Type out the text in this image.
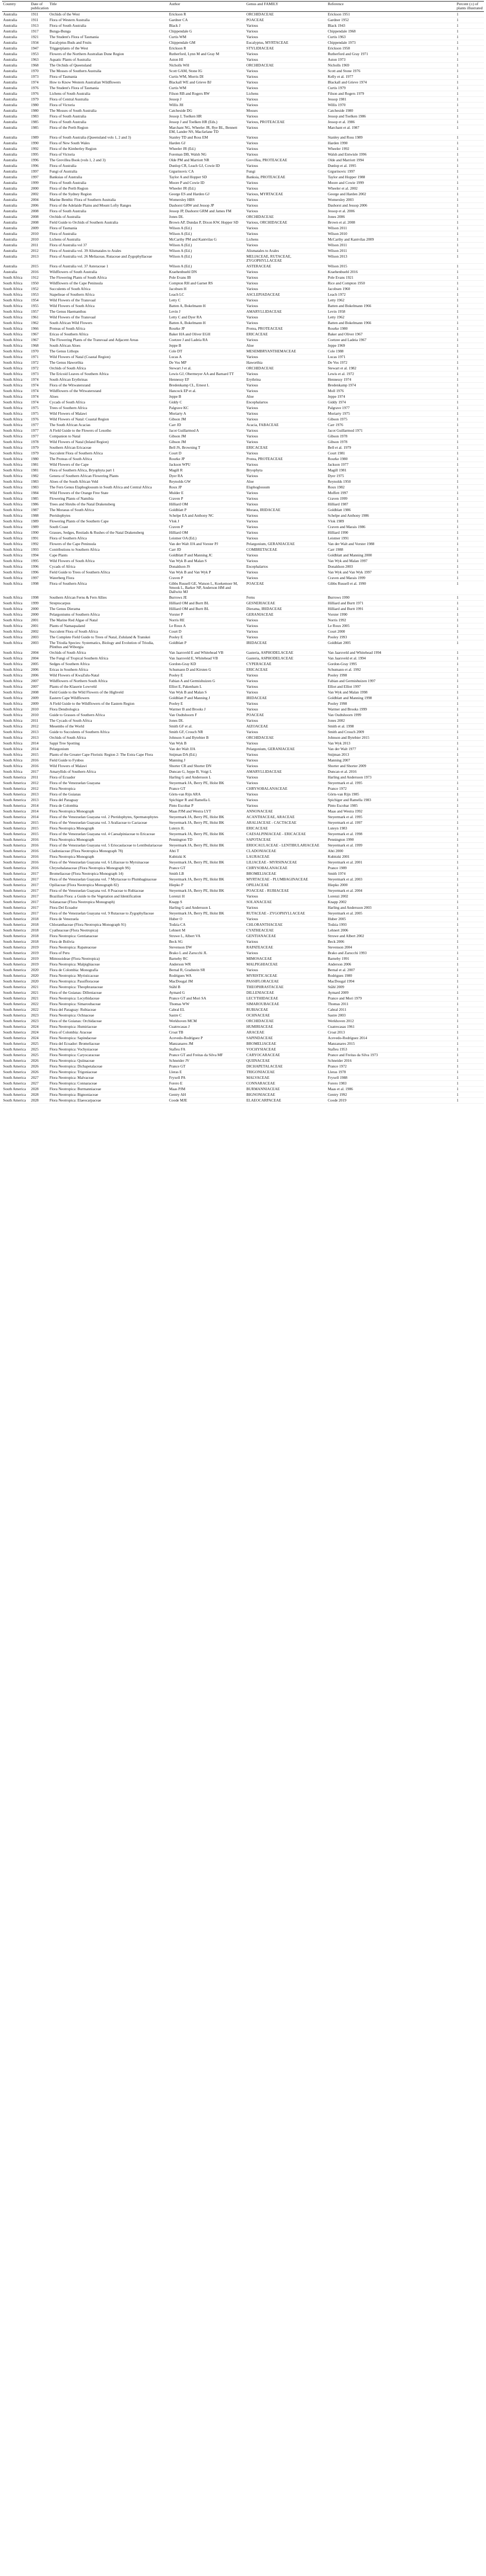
Country	Date of publication	Title	Author	Genus and FAMILY	Reference	Percent (±) of plants illustrated
Australia	1911	Orchids of the West	Erickson R	ORCHIDACEAE	Erickson 1951	1
Australia	1911	Flora of Western Australia	Gardner CA	POACEAE	Gardner 1952	1
Australia	1913	Flora of South Australia	Black J	Various	Black 1943	1
Australia	1917	Bunga-Bunga	Chippendale G	Various	Chippendale 1968	1
Australia	1921	The Student's Flora of Tasmania	Curtis WM	Various	Curtis 1963	1
Australia	1934	Eucalyptus Buds and Fruits	Chippendale GM	Eucalyptus, MYRTACEAE	Chippendale 1973	1
Australia	1947	Triggerplants of the West	Erickson R	STYLIDIACEAE	Erickson 1958	1
Australia	1953	Flowers of the Northern Australian Dune Region	Rutherford, Lynn M and Gray M	Various	Rutherford and Gray 1971	1
Australia	1963	Aquatic Plants of Australia	Aston HI	Various	Aston 1973	1
Australia	1968	The Orchids of Queensland	Nicholls WH	ORCHIDACEAE	Nicholls 1969	1
Australia	1970	The Mosses of Southern Australia	Scott GAM, Stone IG	Various	Scott and Stone 1976	1
Australia	1973	Flora of Tasmania	Curtis WM, Morris DI	Various	Kelly et al. 1977	1
Australia	1974	How to Know Western Australian Wildflowers	Blackall WE and Grieve BJ	Various	Blackall and Grieve 1974	1
Australia	1976	The Student's Flora of Tasmania	Curtis WM	Various	Curtis 1979	1
Australia	1976	Lichens of South Australia	Filson RB and Rogers RW	Lichens	Filson and Rogers 1979	1
Australia	1979	Flora of Central Australia	Jessop J	Various	Jessop 1981	1
Australia	1980	Flora of Victoria	Willis JH	Various	Willis 1970	1
Australia	1980	The Mosses of South Australia	Catcheside DG	Mosses	Catcheside 1980	1
Australia	1983	Flora of South Australia	Jessop J, Toelken HR	Various	Jessop and Toelken 1986	1
Australia	1985	Flora of South Australia	Jessop J and Toelken HR (Eds.)	Various, PROTEACEAE	Jessop et al. 1986	1
Australia	1985	Flora of the Perth Region	Marchant NG, Wheeler JR, Rye BL, Bennett EM, Lander NS, Macfarlane TD	Various	Marchant et al. 1987	1
Australia	1989	Flora of South Australia (Queensland vols 1, 2 and 3)	Stanley TD and Ross EM	Various	Stanley and Ross 1989	1
Australia	1990	Flora of New South Wales	Harden GJ	Various	Harden 1990	1
Australia	1992	Flora of the Kimberley Region	Wheeler JR (Ed.)	Various	Wheeler 1992	1
Australia	1995	Flora of Victoria	Foreman DB, Walsh NG	Various	Walsh and Entwisle 1996	1
Australia	1996	The Grevillea Book (vols 1, 2 and 3)	Olde PM and Marriott NR	Grevillea, PROTEACEAE	Olde and Marriott 1994	1
Australia	1996	Flora of Australia	Dunlop CR, Leach GJ, Cowie ID	Various	Dunlop et al. 1995	1
Australia	1997	Fungi of Australia	Grgurinovic CA	Fungi	Grgurinovic 1997	1
Australia	1997	Banksias of Australia	Taylor A and Hopper SD	Banksia, PROTEACEAE	Taylor and Hopper 1988	1
Australia	1999	Flora of South Australia	Moore P and Cowie ID	Various	Moore and Cowie 1999	1
Australia	2000	Flora of the Perth Region	Wheeler JR (Ed.)	Various	Wheeler et al. 2002	1
Australia	2002	Flora of the Sydney Region	George ES and Harden GJ	Various, MYRTACEAE	George and Harden 2002	1
Australia	2004	Marine Benthic Flora of Southern Australia	Womersley HBS	Various	Womersley 2003	1
Australia	2006	Flora of the Adelaide Plains and Mount Lofty Ranges	Dashorst GRW and Jessop JP	Various	Dashorst and Jessop 2006	1
Australia	2008	Flora of South Australia	Jessop JP, Dashorst GRM and James FM	Various	Jessop et al. 2006	1
Australia	2008	Orchids of Australia	Jones DL	ORCHIDACEAE	Jones 2006	1
Australia	2008	Field Guide to Orchids of Southern Australia	Brown AP, Dundas P, Dixon KW, Hopper SD	Various, ORCHIDACEAE	Brown et al. 2008	1
Australia	2009	Flora of Tasmania	Wilson A (Ed.)	Various	Wilson 2011	1
Australia	2010	Flora of Australia	Wilson A (Ed.)	Various	Wilson 2010	1
Australia	2010	Lichens of Australia	McCarthy PM and Kantvilas G	Lichens	McCarthy and Kantvilas 2009	1
Australia	2011	Flora of Australia vol 37	Wilson A (Ed.)	Various	Wilson 2011	1
Australia	2012	Flora of Australia vol. 39 Alismatales to Arales	Wilson A (Ed.)	Alismatales to Arales	Wilson 2011	1
Australia	2013	Flora of Australia vol. 26 Meliaceae, Rutaceae and Zygophyllaceae	Wilson A (Ed.)	MELIACEAE, RUTACEAE, ZYGOPHYLLACEAE	Wilson 2013	1
Australia	2015	Flora of Australia vol. 37 Asteraceae 1	Wilson A (Ed.)	ASTERACEAE	Wilson 2015	1
Australia	2016	Wildflowers of South Australia	Kraehenbuehl DN	Various	Kraehenbuehl 2016	1
South Africa	1912	The Flowering Plants of South Africa	Pole Evans IB	Various	Pole Evans 1921	1
South Africa	1950	Wildflowers of the Cape Peninsula	Compton RH and Garnet RS	Various	Rice and Compton 1950	1
South Africa	1952	Succulents of South Africa	Jacobsen H	Various	Jacobsen 1960	1
South Africa	1953	Stapelieae of Southern Africa	Leach LC	ASCLEPIADACEAE	Leach 1972	1
South Africa	1954	Wild Flowers of the Transvaal	Letty C	Various	Letty 1962	1
South Africa	1955	Wild Flowers of South Africa	Batten A, Bokelmann H	Various	Batten and Bokelmann 1966	1
South Africa	1957	The Genus Haemanthus	Levin J	AMARYLLIDACEAE	Levin 1958	1
South Africa	1961	Wild Flowers of the Transvaal	Letty C and Dyer RA	Various	Letty 1962	1
South Africa	1962	South African Wild Flowers	Batten A, Bokelmann H	Various	Batten and Bokelmann 1966	1
South Africa	1966	Proteas of South Africa	Rourke JP	Protea, PROTEACEAE	Rourke 1980	1
South Africa	1967	Ericas of Southern Africa	Baker HA and Oliver EGH	ERICACEAE	Baker and Oliver 1967	1
South Africa	1967	The Flowering Plants of the Transvaal and Adjacent Areas	Coetzee J and Ladeia RA	Various	Coetzee and Ladeia 1967	1
South Africa	1968	South African Aloes	Jeppe B	Aloe	Jeppe 1969	1
South Africa	1970	The Genus Lithops	Cole DT	MESEMBRYANTHEMACEAE	Cole 1988	1
South Africa	1971	Wild Flowers of Natal (Coastal Region)	Lucas A	Various	Lucas 1971	1
South Africa	1972	The Genus Haworthia	De Vos MP	Haworthia	De Vos 1972	1
South Africa	1972	Orchids of South Africa	Stewart J et al.	ORCHIDACEAE	Stewart et al. 1982	1
South Africa	1973	The Ericoid Leaves of Southern Africa	Lewis GJ, Obermeyer AA and Barnard TT	Various	Lewis et al. 1972	1
South Africa	1974	South African Erythrinas	Hennessy EF	Erythrina	Hennessy 1974	1
South Africa	1974	Flora of the Witwatersrand	Bredenkamp CL, Ernest L	Various	Bredenkamp 1974	1
South Africa	1974	Wildflowers of the Witwatersrand	Hancock EP et al.	Various	Moll 1976	1
South Africa	1974	Aloes	Jeppe B	Aloe	Jeppe 1974	1
South Africa	1974	Cycads of South Africa	Giddy C	Encephalartos	Giddy 1974	1
South Africa	1975	Trees of Southern Africa	Palgrave KC	Various	Palgrave 1977	1
South Africa	1975	Wild Flowers of Malawi	Moriarty A	Various	Moriarty 1975	1
South Africa	1976	Wild Flowers of Natal: Coastal Region	Gibson JM	Various	Gibson 1975	1
South Africa	1977	The South African Acacias	Carr JD	Acacia, FABACEAE	Carr 1976	1
South Africa	1977	A Field Guide to the Flowers of Lesotho	Jacot Guillarmod A	Various	Jacot Guillarmod 1971	1
South Africa	1977	Companion to Natal	Gibson JM	Various	Gibson 1978	1
South Africa	1978	Wild Flowers of Natal (Inland Region)	Gibson JM	Various	Gibson 1978	1
South Africa	1979	Southern African Ericaceae	Bell JS, Browning T	ERICACEAE	Bell et al. 1979	1
South Africa	1979	Succulent Flora of Southern Africa	Court D	Various	Court 1981	1
South Africa	1980	The Proteas of South Africa	Rourke JP	Protea, PROTEACEAE	Rourke 1980	1
South Africa	1981	Wild Flowers of the Cape	Jackson WPU	Various	Jackson 1977	1
South Africa	1981	Flora of Southern Africa, Bryophyta part 1	Magill R	Bryophyta	Magill 1981	1
South Africa	1982	Genera of Southern African Flowering Plants	Dyer RA	Various	Dyer 1975	1
South Africa	1983	Aloes of the South African Veld	Reynolds GW	Aloe	Reynolds 1950	1
South Africa	1983	The Fern Genus Elaphoglossum in South Africa and Central Africa	Roux JP	Elaphoglossum	Roux 1982	1
South Africa	1984	Wild Flowers of the Orange Free State	Mulder E	Various	Moffett 1997	1
South Africa	1985	Flowering Plants of Namibia	Craven P	Various	Craven 1999	1
South Africa	1986	Trees and Shrubs of the Natal Drakensberg	Hilliard OM	Various	Hilliard 1987	1
South Africa	1987	The Moraeas of South Africa	Goldblatt P	Moraea, IRIDACEAE	Goldblatt 1986	1
South Africa	1988	Pteridophytes	Schelpe EA and Anthony NC	Various	Schelpe and Anthony 1986	1
South Africa	1989	Flowering Plants of the Southern Cape	Vlok J	Various	Vlok 1989	1
South Africa	1989	South Coast	Craven P	Various	Craven and Marais 1986	1
South Africa	1990	Grasses, Sedges, Restiads & Rushes of the Natal Drakensberg	Hilliard OM	Various	Hilliard 1990	1
South Africa	1991	Flora of Southern Africa	Leistner OA (Ed.)	Various	Leistner 1991	1
South Africa	1992	Flowers of the Cape Peninsula	Van der Walt JJA and Vorster PJ	Pelargonium, GERANIACEAE	Van der Walt and Vorster 1988	1
South Africa	1993	Contributions to Southern Africa	Carr JD	COMBRETACEAE	Carr 1988	1
South Africa	1994	Cape Plants	Goldblatt P and Manning JC	Various	Goldblatt and Manning 2000	1
South Africa	1995	Wild Flowers of South Africa	Van Wyk B and Malan S	Various	Van Wyk and Malan 1997	1
South Africa	1996	Cycads of Africa	Donaldson JS	Encephalartos	Donaldson 2003	1
South Africa	1996	Field Guide to Trees of Southern Africa	Van Wyk B and Van Wyk P	Various	Van Wyk and Van Wyk 1997	1
South Africa	1997	Waterberg Flora	Craven P	Various	Craven and Marais 1999	1
South Africa	1998	Flora of Southern Africa	Gibbs Russell GE, Watson L, Koekemoer M, Smook L, Barker NP, Anderson HM and Dallwitz MJ	POACEAE	Gibbs Russell et al. 1990	1
South Africa	1998	Southern African Ferns & Fern Allies	Burrows JE	Ferns	Burrows 1990	1
South Africa	1999	Streptocarpus	Hilliard OM and Burtt BL	GESNERIACEAE	Hilliard and Burtt 1971	1
South Africa	2000	The Genus Dierama	Hilliard OM and Burtt BL	Dierama, IRIDACEAE	Hilliard and Burtt 1991	1
South Africa	2000	Pelargoniums of Southern Africa	Vorster P	GERANIACEAE	Vorster 1990	1
South Africa	2001	The Marine Red Algae of Natal	Norris RE	Various	Norris 1992	1
South Africa	2001	Plants of Namaqualand	Le Roux A	Various	Le Roux 2005	1
South Africa	2002	Succulent Flora of South Africa	Court D	Various	Court 2000	1
South Africa	2003	The Complete Field Guide to Trees of Natal, Zululand & Transkei	Pooley E	Various	Pooley 1993	1
South Africa	2003	The Triodia Species: Systematics, Biology and Evolution of Triodia, Plinthus and Wiborgia	Goldblatt P	IRIDACEAE	Goldblatt 2005	1
South Africa	2004	Orchids of South Africa	Van Jaarsveld E and Whitehead VB	Gasteria, ASPHODELACEAE	Van Jaarsveld and Whitehead 1994	1
South Africa	2004	The Fungi of Tropical Southern Africa	Van Jaarsveld E, Whitehead VB	Gasteria, ASPHODELACEAE	Van Jaarsveld et al. 1994	1
South Africa	2005	Sedges of Southern Africa	Gordon-Gray KD	CYPERACEAE	Gordon-Gray 1995	1
South Africa	2006	Ericas in Southern Africa	Schumann D and Kirsten G	ERICACEAE	Schumann et al. 1992	1
South Africa	2006	Wild Flowers of KwaZulu-Natal	Pooley E	Various	Pooley 1998	1
South Africa	2007	Wildflowers of Northern South Africa	Fabian A and Germishuizen G	Various	Fabian and Germishuizen 1997	1
South Africa	2007	Plants of the Klaserie Lowveld	Elliot E, Pakenham L	Various	Elliot and Elliot 1997	1
South Africa	2008	Field Guide to the Wild Flowers of the Highveld	Van Wyk B and Malan S	Various	Van Wyk and Malan 1998	1
South Africa	2009	Eastern Cape Wildflowers	Goldblatt P and Manning J	IRIDACEAE	Goldblatt and Manning 1998	1
South Africa	2009	A Field Guide to the Wildflowers of the Eastern Region	Pooley E	Various	Pooley 1998	1
South Africa	2010	Flora Dendrologica	Warmer B and Brooks J	Various	Warmer and Brooks 1999	1
South Africa	2010	Guide to Grasses of Southern Africa	Van Oudtshoorn F	POACEAE	Van Oudtshoorn 1999	1
South Africa	2011	The Cycads of South Africa	Jones DL	Various	Jones 2002	1
South Africa	2012	Mesembs of the World	Smith GF et al.	AIZOACEAE	Smith et al. 1998	1
South Africa	2013	Guide to Succulents of Southern Africa	Smith GF, Crouch NR	Various	Smith and Crouch 2009	1
South Africa	2013	Orchids of South Africa	Johnson S and Bytebier B	ORCHIDACEAE	Johnson and Bytebier 2015	1
South Africa	2014	Sappi Tree Spotting	Van Wyk B	Various	Van Wyk 2013	1
South Africa	2014	Pelargonium	Van der Walt JJA	Pelargonium, GERANIACEAE	Van der Walt 1977	1
South Africa	2015	Plants of the Greater Cape Floristic Region 2: The Extra Cape Flora	Snijman DA (Ed.)	Various	Snijman 2013	1
South Africa	2016	Field Guide to Fynbos	Manning J	Various	Manning 2007	1
South Africa	2016	Wild Flowers of Malawi	Shorter CR and Shorter DN	Various	Shorter and Shorter 2009	1
South Africa	2017	Amaryllids of Southern Africa	Duncan G, Jeppe B, Voigt L	AMARYLLIDACEAE	Duncan et al. 2016	1
South America	2011	Flora of Ecuador	Harling G and Andersson L	Various	Harling and Andersson 1973	1
South America	2012	Flora of the Venezuelan Guayana	Steyermark JA, Berry PE, Holst BK	Various	Steyermark et al. 1995	1
South America	2012	Flora Neotropica	Prance GT	CHRYSOBALANACEAE	Prance 1972	1
South America	2013	Flora of the Guianas	Görts-van Rijn ARA	Various	Görts-van Rijn 1985	1
South America	2013	Flora del Paraguay	Spichiger R and Ramella L	Various	Spichiger and Ramella 1983	1
South America	2014	Flora de Colombia	Pinto Escobar P	Various	Pinto Escobar 1985	1
South America	2014	Flora Neotropica Monograph	Maas PJM and Westra LYT	ANNONACEAE	Maas and Westra 1992	1
South America	2014	Flora of the Venezuelan Guayana vol. 2 Pteridophytes, Spermatophytes	Steyermark JA, Berry PE, Holst BK	ACANTHACEAE, ARACEAE	Steyermark et al. 1995	1
South America	2015	Flora of the Venezuelan Guayana vol. 3 Araliaceae to Cactaceae	Steyermark JA, Berry PE, Holst BK	ARALIACEAE - CACTACEAE	Steyermark et al. 1997	1
South America	2015	Flora Neotropica Monograph	Luteyn JL	ERICACEAE	Luteyn 1983	1
South America	2015	Flora of the Venezuelan Guayana vol. 4 Caesalpiniaceae to Ericaceae	Steyermark JA, Berry PE, Holst BK	CAESALPINIACEAE - ERICACEAE	Steyermark et al. 1998	1
South America	2016	Flora Neotropica Monograph	Pennington TD	SAPOTACEAE	Pennington 1990	1
South America	2016	Flora of the Venezuelan Guayana vol. 5 Eriocaulaceae to Lentibulariaceae	Steyermark JA, Berry PE, Holst BK	ERIOCAULACEAE - LENTIBULARIACEAE	Steyermark et al. 1999	1
South America	2016	Cladoniaceae (Flora Neotropica Monograph 78)	Ahti T	CLADONIACEAE	Ahti 2000	1
South America	2016	Flora Neotropica Monograph	Kubitzki K	LAURACEAE	Kubitzki 2001	1
South America	2016	Flora of the Venezuelan Guayana vol. 6 Liliaceae to Myrsinaceae	Steyermark JA, Berry PE, Holst BK	LILIACEAE - MYRSINACEAE	Steyermark et al. 2001	1
South America	2016	Chrysobalanaceae (Flora Neotropica Monograph 9S)	Prance GT	CHRYSOBALANACEAE	Prance 1989	1
South America	2017	Bromeliaceae (Flora Neotropica Monograph 14)	Smith LB	BROMELIACEAE	Smith 1974	1
South America	2017	Flora of the Venezuelan Guayana vol. 7 Myrtaceae to Plumbaginaceae	Steyermark JA, Berry PE, Holst BK	MYRTACEAE - PLUMBAGINACEAE	Steyermark et al. 2003	1
South America	2017	Opiliaceae (Flora Neotropica Monograph 82)	Hiepko P	OPILIACEAE	Hiepko 2000	1
South America	2017	Flora of the Venezuelan Guayana vol. 8 Poaceae to Rubiaceae	Steyermark JA, Berry PE, Holst BK	POACEAE - RUBIACEAE	Steyermark et al. 2004	1
South America	2017	Brazilian Flora: a Guide to the Vegetation and Identification	Lorenzi H	Various	Lorenzi 2002	1
South America	2017	Solanaceae (Flora Neotropica Monograph)	Knapp S	SOLANACEAE	Knapp 2002	1
South America	2017	Flora Del Ecuador	Harling G and Andersson L	Various	Harling and Andersson 2003	1
South America	2017	Flora of the Venezuelan Guayana vol. 9 Rutaceae to Zygophyllaceae	Steyermark JA, Berry PE, Holst BK	RUTACEAE - ZYGOPHYLLACEAE	Steyermark et al. 2005	1
South America	2018	Flora de Venezuela	Huber O	Various	Huber 2005	1
South America	2018	Chloranthaceae (Flora Neotropica Monograph 91)	Todzia CA	CHLORANTHACEAE	Todzia 1993	1
South America	2018	Cyatheaceae (Flora Neotropica)	Lehnert M	CYATHEACEAE	Lehnert 2006	1
South America	2018	Flora Neotropica: Gentianaceae	Struwe L, Albert VA	GENTIANACEAE	Struwe and Albert 2002	1
South America	2018	Flora de Bolivia	Beck SG	Various	Beck 2006	1
South America	2019	Flora Neotropica: Rapateaceae	Stevenson DW	RAPATEACEAE	Stevenson 2004	1
South America	2019	Flora of Peru	Brako L and Zarucchi JL	Various	Brako and Zarucchi 1993	1
South America	2019	Mimosoideae (Flora Neotropica)	Barneby RC	MIMOSACEAE	Barneby 1991	1
South America	2019	Flora Neotropica: Malpighiaceae	Anderson WR	MALPIGHIACEAE	Anderson 2006	1
South America	2020	Flora de Colombia: Monografía	Bernal R, Gradstein SR	Various	Bernal et al. 2007	1
South America	2020	Flora Neotropica: Myristicaceae	Rodrigues WA	MYRISTICACEAE	Rodrigues 1980	1
South America	2020	Flora Neotropica: Passifloraceae	MacDougal JM	PASSIFLORACEAE	MacDougal 1994	1
South America	2021	Flora Neotropica: Theophrastaceae	Ståhl B	THEOPHRASTACEAE	Ståhl 2009	1
South America	2021	Flora of the Guianas: Dilleniaceae	Aymard G	DILLENIACEAE	Aymard 2009	1
South America	2021	Flora Neotropica: Lecythidaceae	Prance GT and Mori SA	LECYTHIDACEAE	Prance and Mori 1979	1
South America	2022	Flora Neotropica: Simaroubaceae	Thomas WW	SIMAROUBACEAE	Thomas 2011	1
South America	2022	Flora del Paraguay: Rubiaceae	Cabral EL	RUBIACEAE	Cabral 2011	1
South America	2023	Flora Neotropica: Ochnaceae	Sastre C	OCHNACEAE	Sastre 2003	1
South America	2023	Flora of the Guianas: Orchidaceae	Werkhoven MCM	ORCHIDACEAE	Werkhoven 2012	1
South America	2024	Flora Neotropica: Humiriaceae	Cuatrecasas J	HUMIRIACEAE	Cuatrecasas 1961	1
South America	2024	Flora of Colombia: Araceae	Croat TB	ARACEAE	Croat 2013	1
South America	2024	Flora Neotropica: Sapindaceae	Acevedo-Rodríguez P	SAPINDACEAE	Acevedo-Rodríguez 2014	1
South America	2025	Flora del Ecuador: Bromeliaceae	Manzanares JM	BROMELIACEAE	Manzanares 2015	1
South America	2025	Flora Neotropica: Vochysiaceae	Stafleu FA	VOCHYSIACEAE	Stafleu 1953	1
South America	2025	Flora Neotropica: Caryocaraceae	Prance GT and Freitas da Silva MF	CARYOCARACEAE	Prance and Freitas da Silva 1973	1
South America	2026	Flora Neotropica: Quiinaceae	Schneider JV	QUIINACEAE	Schneider 2016	1
South America	2026	Flora Neotropica: Dichapetalaceae	Prance GT	DICHAPETALACEAE	Prance 1972	1
South America	2026	Flora Neotropica: Trigoniaceae	Lleras E	TRIGONIACEAE	Lleras 1978	1
South America	2027	Flora Neotropica: Malvaceae	Fryxell PA	MALVACEAE	Fryxell 1988	1
South America	2027	Flora Neotropica: Connaraceae	Forero E	CONNARACEAE	Forero 1983	1
South America	2028	Flora Neotropica: Burmanniaceae	Maas PJM	BURMANNIACEAE	Maas et al. 1986	1
South America	2028	Flora Neotropica: Bignoniaceae	Gentry AH	BIGNONIACEAE	Gentry 1992	1
South America	2028	Flora Neotropica: Elaeocarpaceae	Coode MJE	ELAEOCARPACEAE	Coode 2019	1
